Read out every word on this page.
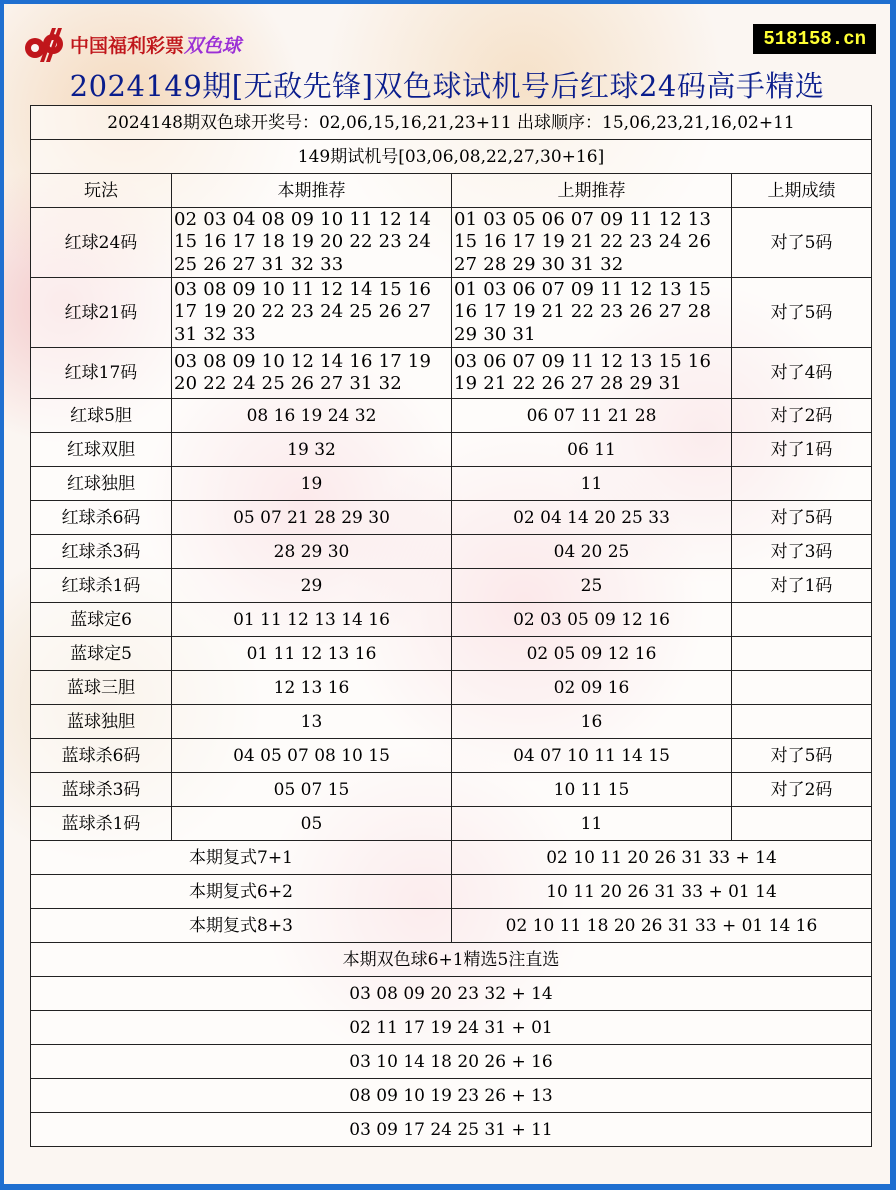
中国福利彩票双色球	518158.cn
2024149期[无敌先锋]双色球试机号后红球24码高手精选
2024148期双色球开奖号：02,06,15,16,21,23+11 出球顺序：15,06,23,21,16,02+11			
149期试机号[03,06,08,22,27,30+16]			
玩法	本期推荐	上期推荐	上期成绩
红球24码	02 03 04 08 09 10 11 12 14
15 16 17 18 19 20 22 23 24
25 26 27 31 32 33	01 03 05 06 07 09 11 12 13
15 16 17 19 21 22 23 24 26
27 28 29 30 31 32	对了5码
红球21码	03 08 09 10 11 12 14 15 16
17 19 20 22 23 24 25 26 27
31 32 33	01 03 06 07 09 11 12 13 15
16 17 19 21 22 23 26 27 28
29 30 31	对了5码
红球17码	03 08 09 10 12 14 16 17 19
20 22 24 25 26 27 31 32	03 06 07 09 11 12 13 15 16
19 21 22 26 27 28 29 31	对了4码
红球5胆	08 16 19 24 32	06 07 11 21 28	对了2码
红球双胆	19 32	06 11	对了1码
红球独胆	19	11	
红球杀6码	05 07 21 28 29 30	02 04 14 20 25 33	对了5码
红球杀3码	28 29 30	04 20 25	对了3码
红球杀1码	29	25	对了1码
蓝球定6	01 11 12 13 14 16	02 03 05 09 12 16	
蓝球定5	01 11 12 13 16	02 05 09 12 16	
蓝球三胆	12 13 16	02 09 16	
蓝球独胆	13	16	
蓝球杀6码	04 05 07 08 10 15	04 07 10 11 14 15	对了5码
蓝球杀3码	05 07 15	10 11 15	对了2码
蓝球杀1码	05	11	
本期复式7+1		02 10 11 20 26 31 33 + 14	
本期复式6+2		10 11 20 26 31 33 + 01 14	
本期复式8+3		02 10 11 18 20 26 31 33 + 01 14 16	
本期双色球6+1精选5注直选			
03 08 09 20 23 32 + 14			
02 11 17 19 24 31 + 01			
03 10 14 18 20 26 + 16			
08 09 10 19 23 26 + 13			
03 09 17 24 25 31 + 11			
